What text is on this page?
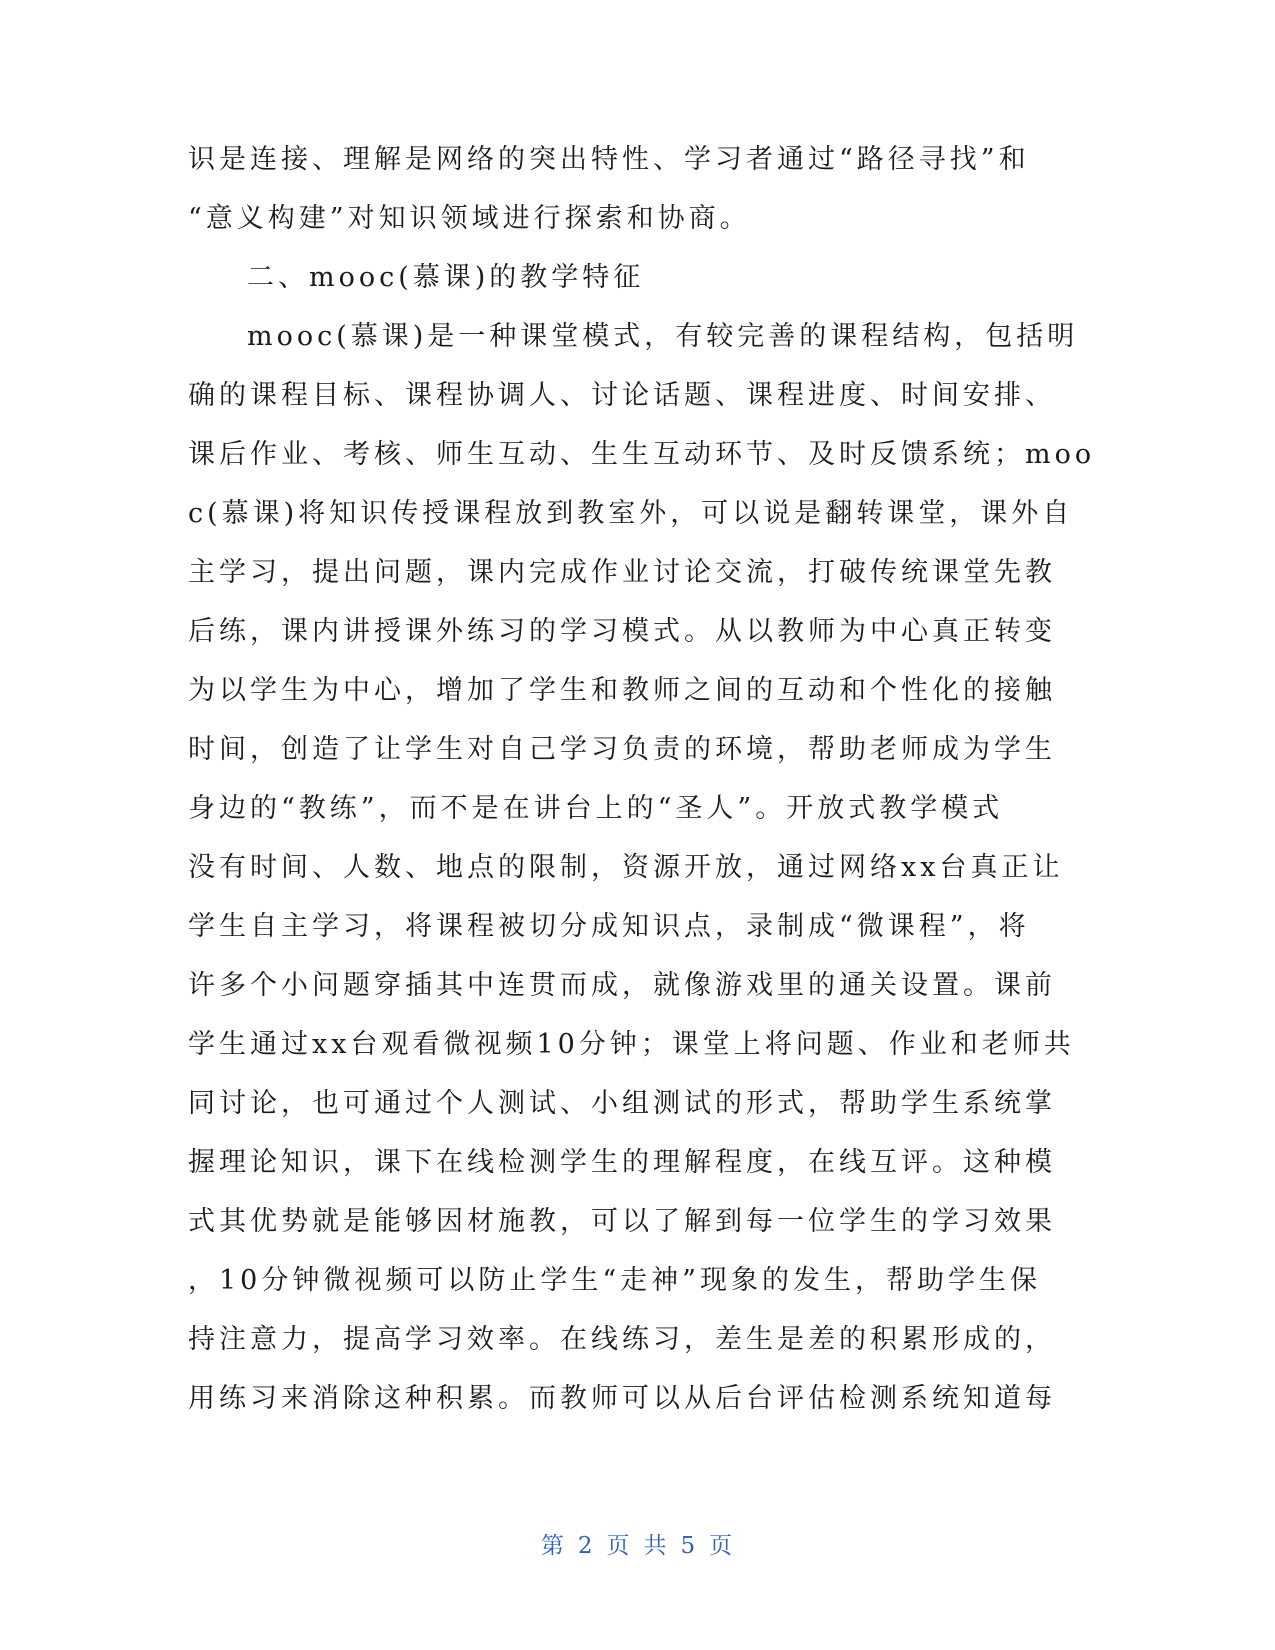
识是连接、理解是网络的突出特性、学习者通过“路径寻找”和
“意义构建”对知识领域进行探索和协商。
二、mooc(慕课)的教学特征
mooc(慕课)是一种课堂模式，有较完善的课程结构，包括明
确的课程目标、课程协调人、讨论话题、课程进度、时间安排、
课后作业、考核、师生互动、生生互动环节、及时反馈系统；moo
c(慕课)将知识传授课程放到教室外，可以说是翻转课堂，课外自
主学习，提出问题，课内完成作业讨论交流，打破传统课堂先教
后练，课内讲授课外练习的学习模式。从以教师为中心真正转变
为以学生为中心，增加了学生和教师之间的互动和个性化的接触
时间，创造了让学生对自己学习负责的环境，帮助老师成为学生
身边的“教练”，而不是在讲台上的“圣人”。开放式教学模式
没有时间、人数、地点的限制，资源开放，通过网络xx台真正让
学生自主学习，将课程被切分成知识点，录制成“微课程”，将
许多个小问题穿插其中连贯而成，就像游戏里的通关设置。课前
学生通过xx台观看微视频10分钟；课堂上将问题、作业和老师共
同讨论，也可通过个人测试、小组测试的形式，帮助学生系统掌
握理论知识，课下在线检测学生的理解程度，在线互评。这种模
式其优势就是能够因材施教，可以了解到每一位学生的学习效果
，10分钟微视频可以防止学生“走神”现象的发生，帮助学生保
持注意力，提高学习效率。在线练习，差生是差的积累形成的，
用练习来消除这种积累。而教师可以从后台评估检测系统知道每
第 2 页 共 5 页
